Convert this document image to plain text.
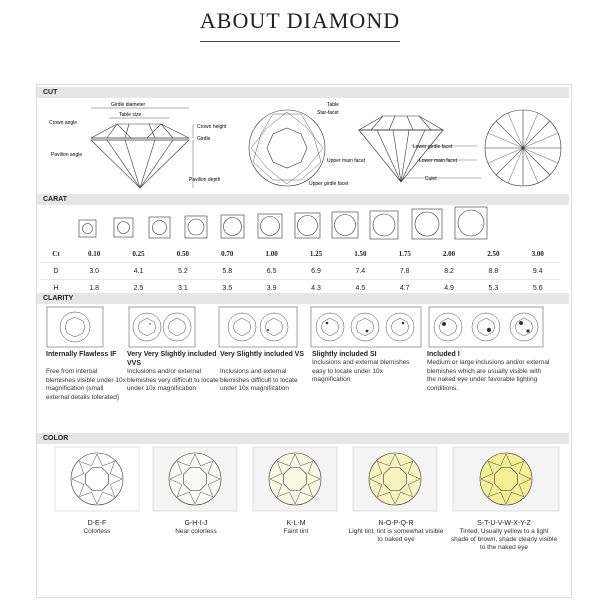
ABOUT DIAMOND
CUT
Girdle diameter
Table size
Crown angle
Crown height
Girdle
Pavilion angle
Pavilion depth
Table
Star-facet
Upper main facet
Upper girdle facet
Lower girdle facet
Lower main facet
Culet
CARAT
Ct	0.10	0.25	0.50	0.70	1.00	1.25	1.50	1.75	2.00	2.50	3.00
D	3.0	4.1	5.2	5.8	6.5	6.9	7.4	7.8	8.2	8.8	9.4
H	1.8	2.5	3.1	3.5	3.9	4.3	4.5	4.7	4.9	5.3	5.6
CLARITY
Internally Flawless IF
Free from internal blemishes visible under 10x magnification (small external details tolerated)
Very Very Slightly included VVS
Inclusions and/or external blemishes very difficult to locate under 10x magnification
Very Slightly included VS
Inclusions and external blemishes difficult to locate under 10x magnification
Slightly included SI
Inclusions and external blemishes easy to locate under 10x magnification
Included I
Medium or large inclusions and/or external blemishes which are usually visible with the naked eye under favorable lighting conditions.
COLOR
D-E-F
Colorless
G-H-I-J
Near colorless
K-L-M
Faint tint
N-O-P-Q-R
Light tint, tint is somewhat visible to naked eye
S-T-U-V-W-X-Y-Z
Tinted, Usually yellow to a light shade of brown, shade clearly visible to the naked eye
